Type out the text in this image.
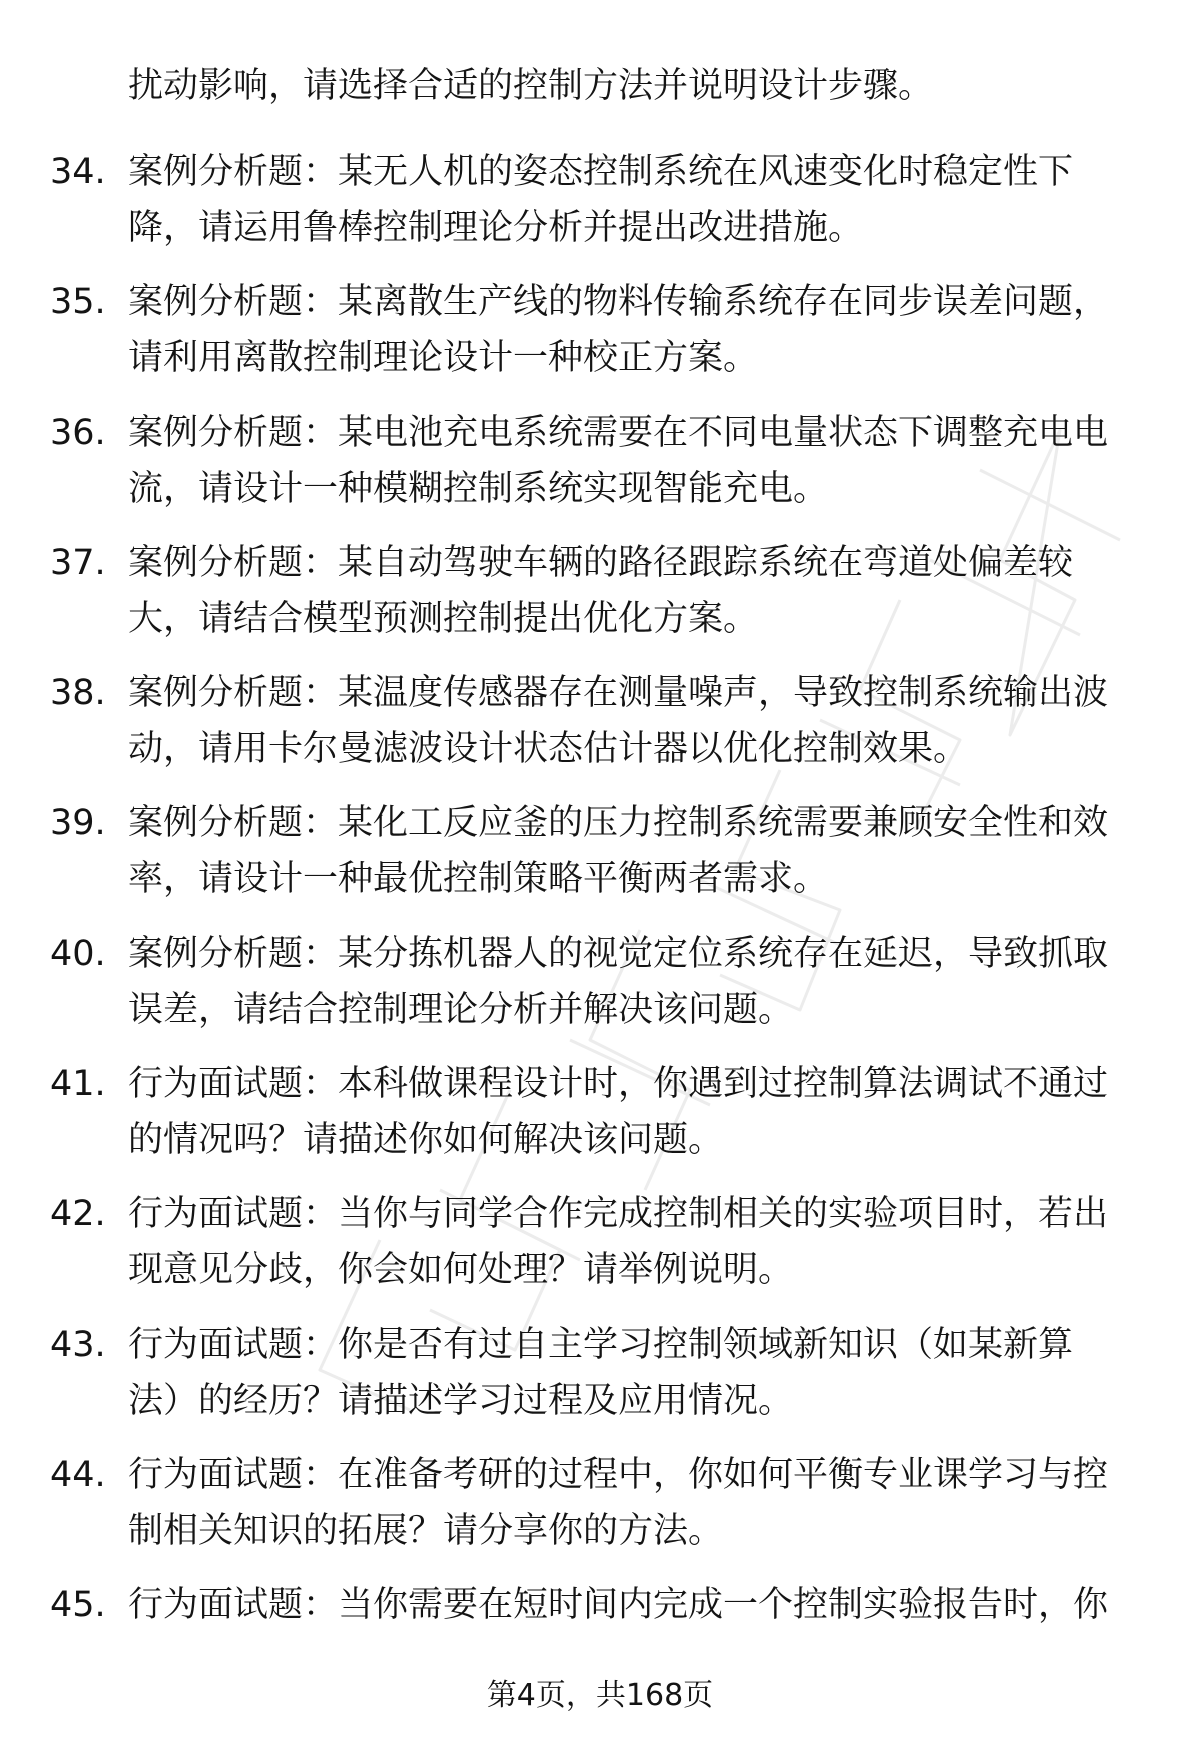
扰动影响，请选择合适的控制方法并说明设计步骤。

34. 案例分析题：某无人机的姿态控制系统在风速变化时稳定性下
降，请运用鲁棒控制理论分析并提出改进措施。
35. 案例分析题：某离散生产线的物料传输系统存在同步误差问题，
请利用离散控制理论设计一种校正方案。
36. 案例分析题：某电池充电系统需要在不同电量状态下调整充电电
流，请设计一种模糊控制系统实现智能充电。
37. 案例分析题：某自动驾驶车辆的路径跟踪系统在弯道处偏差较
大，请结合模型预测控制提出优化方案。
38. 案例分析题：某温度传感器存在测量噪声，导致控制系统输出波
动，请用卡尔曼滤波设计状态估计器以优化控制效果。
39. 案例分析题：某化工反应釜的压力控制系统需要兼顾安全性和效
率，请设计一种最优控制策略平衡两者需求。
40. 案例分析题：某分拣机器人的视觉定位系统存在延迟，导致抓取
误差，请结合控制理论分析并解决该问题。
41. 行为面试题：本科做课程设计时，你遇到过控制算法调试不通过
的情况吗？请描述你如何解决该问题。
42. 行为面试题：当你与同学合作完成控制相关的实验项目时，若出
现意见分歧，你会如何处理？请举例说明。
43. 行为面试题：你是否有过自主学习控制领域新知识（如某新算
法）的经历？请描述学习过程及应用情况。
44. 行为面试题：在准备考研的过程中，你如何平衡专业课学习与控
制相关知识的拓展？请分享你的方法。
45. 行为面试题：当你需要在短时间内完成一个控制实验报告时，你
第4页，共168页
